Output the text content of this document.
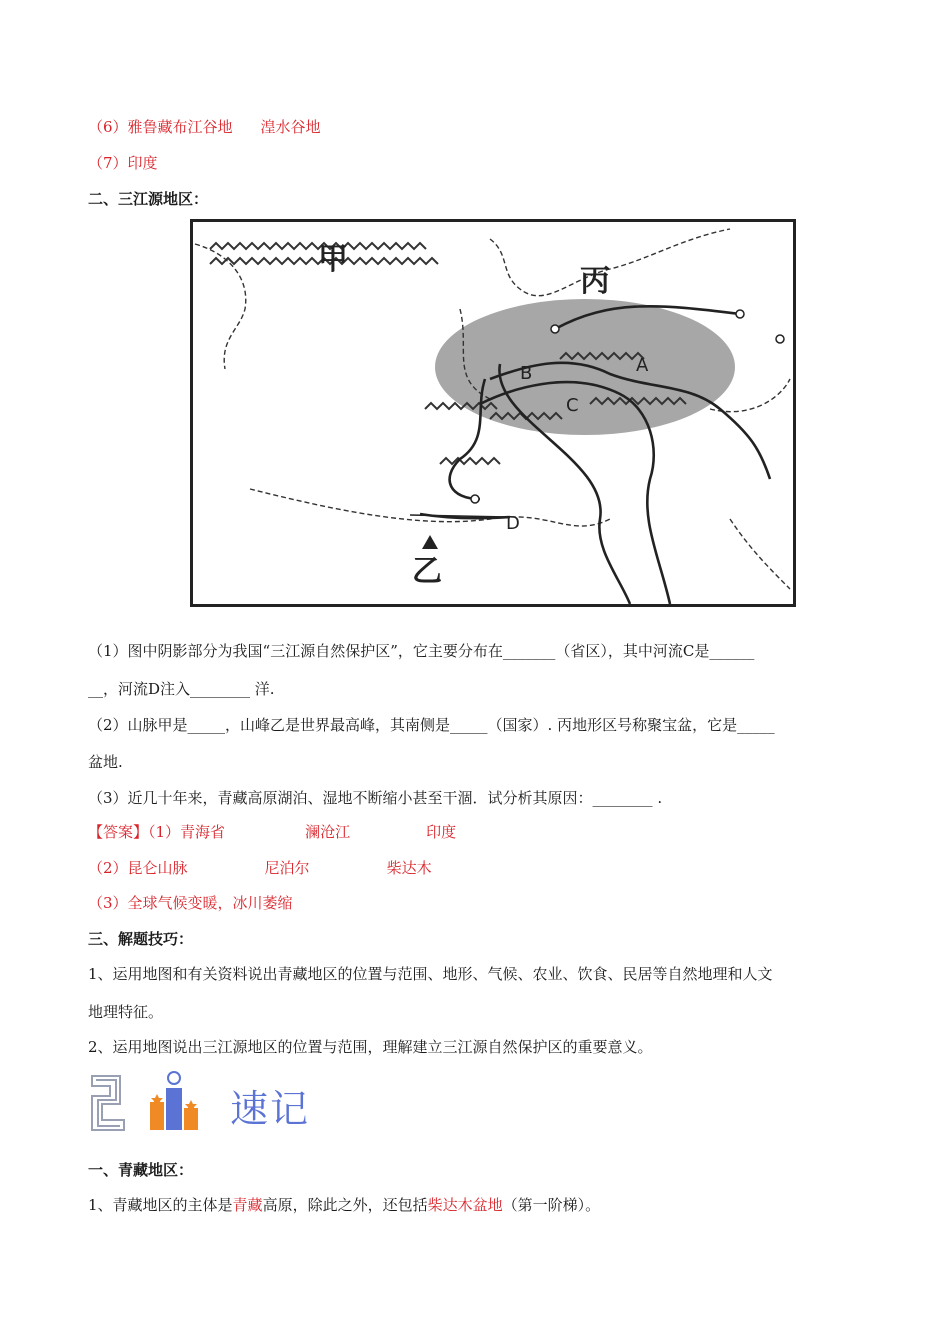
（6）雅鲁藏布江谷地 湟水谷地
（7）印度
二、三江源地区：
甲
丙
乙
A
B
C
D
（1）图中阴影部分为我国“三江源自然保护区”，它主要分布在_______（省区），其中河流C是______
__，河流D注入________ 洋.
（2）山脉甲是_____，山峰乙是世界最高峰，其南侧是_____（国家）. 丙地形区号称聚宝盆，它是_____
盆地.
（3）近几十年来，青藏高原湖泊、湿地不断缩小甚至干涸．试分析其原因：________ .
【答案】（1）青海省	澜沧江	印度
（2）昆仑山脉	尼泊尔	柴达木
（3）全球气候变暖，冰川萎缩
三、解题技巧：
1、运用地图和有关资料说出青藏地区的位置与范围、地形、气候、农业、饮食、民居等自然地理和人文
地理特征。
2、运用地图说出三江源地区的位置与范围，理解建立三江源自然保护区的重要意义。
速记
一、青藏地区：
1、青藏地区的主体是青藏高原，除此之外，还包括柴达木盆地（第一阶梯）。
